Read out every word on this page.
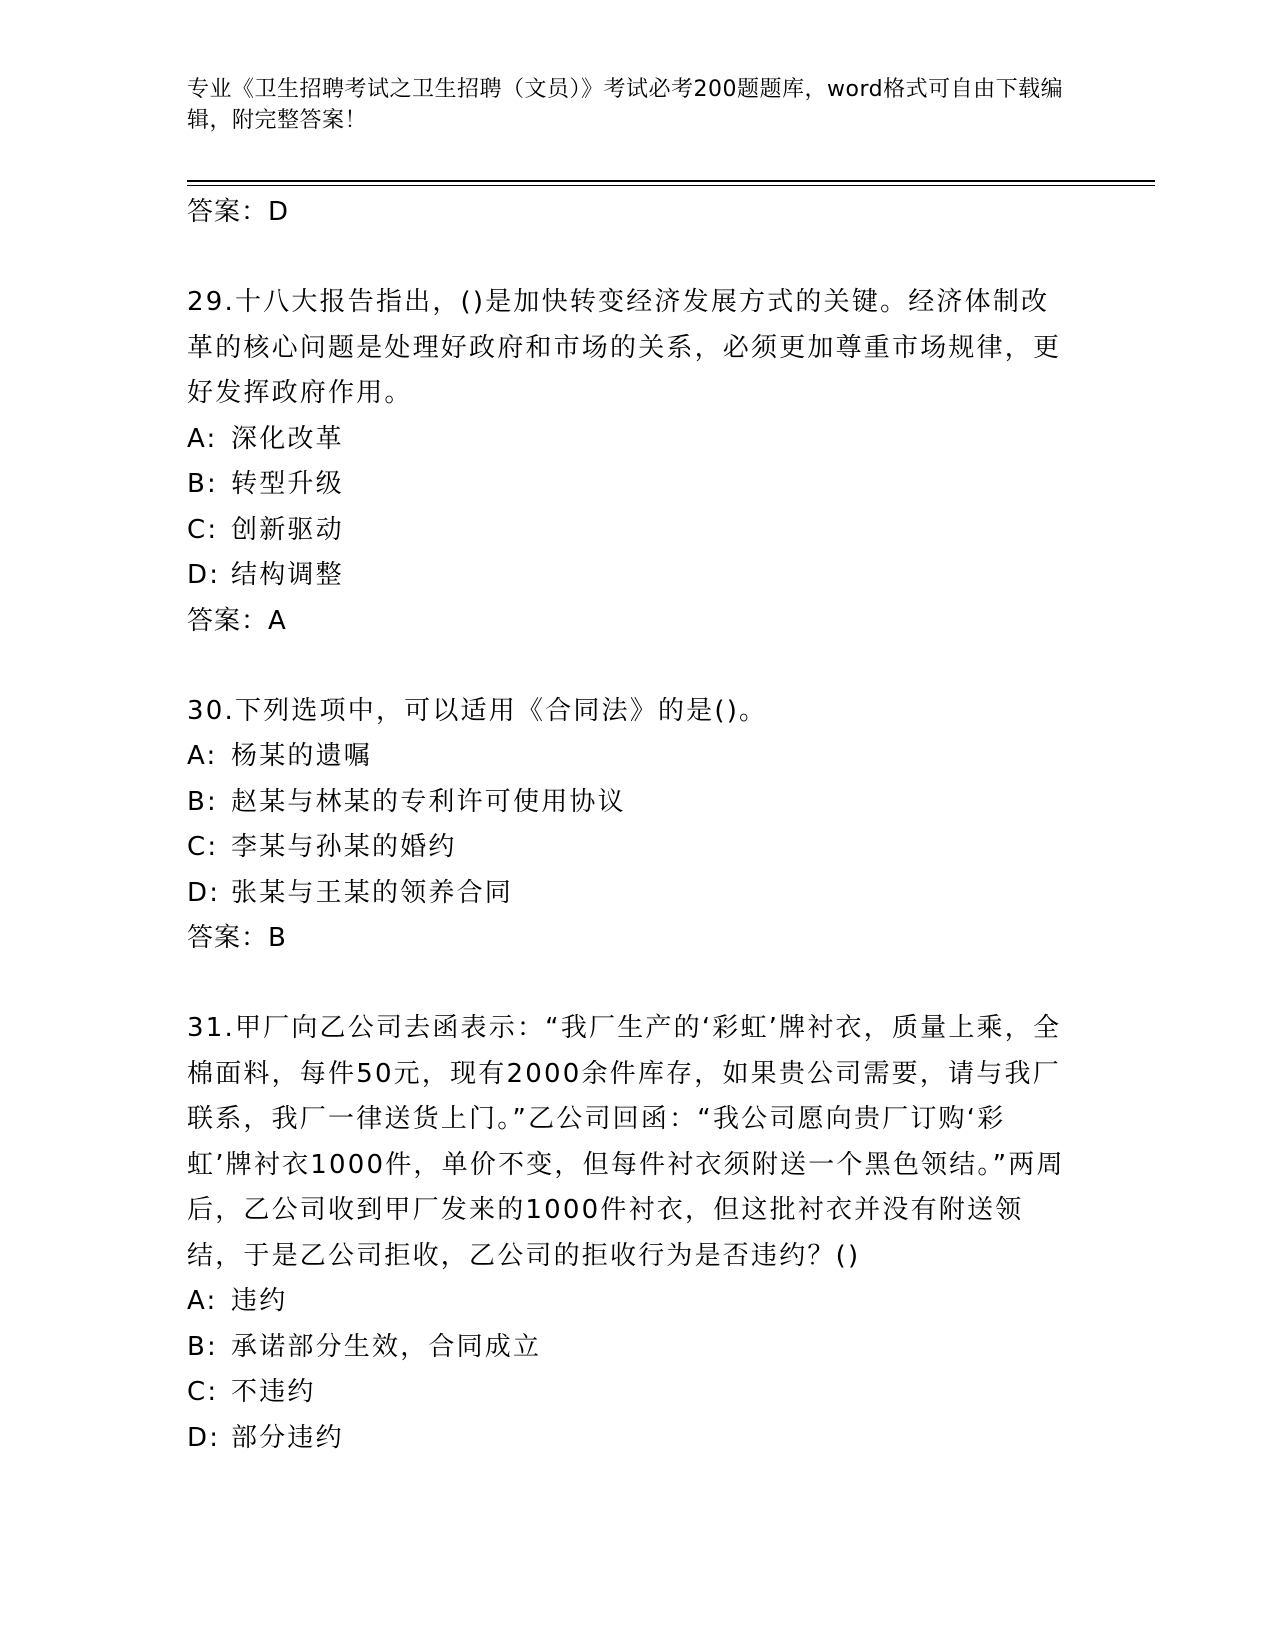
专业《卫生招聘考试之卫生招聘（文员）》考试必考200题题库，word格式可自由下载编辑，附完整答案！
答案：D
29.十八大报告指出，()是加快转变经济发展方式的关键。经济体制改革的核心问题是处理好政府和市场的关系，必须更加尊重市场规律，更好发挥政府作用。
A: 深化改革
B: 转型升级
C: 创新驱动
D: 结构调整
答案：A
30.下列选项中，可以适用《合同法》的是()。
A: 杨某的遗嘱
B: 赵某与林某的专利许可使用协议
C: 李某与孙某的婚约
D: 张某与王某的领养合同
答案：B
31.甲厂向乙公司去函表示：“我厂生产的‘彩虹’牌衬衣，质量上乘，全棉面料，每件50元，现有2000余件库存，如果贵公司需要，请与我厂联系，我厂一律送货上门。”乙公司回函：“我公司愿向贵厂订购‘彩虹’牌衬衣1000件，单价不变，但每件衬衣须附送一个黑色领结。”两周后，乙公司收到甲厂发来的1000件衬衣，但这批衬衣并没有附送领结，于是乙公司拒收，乙公司的拒收行为是否违约？()
A: 违约
B: 承诺部分生效，合同成立
C: 不违约
D: 部分违约
